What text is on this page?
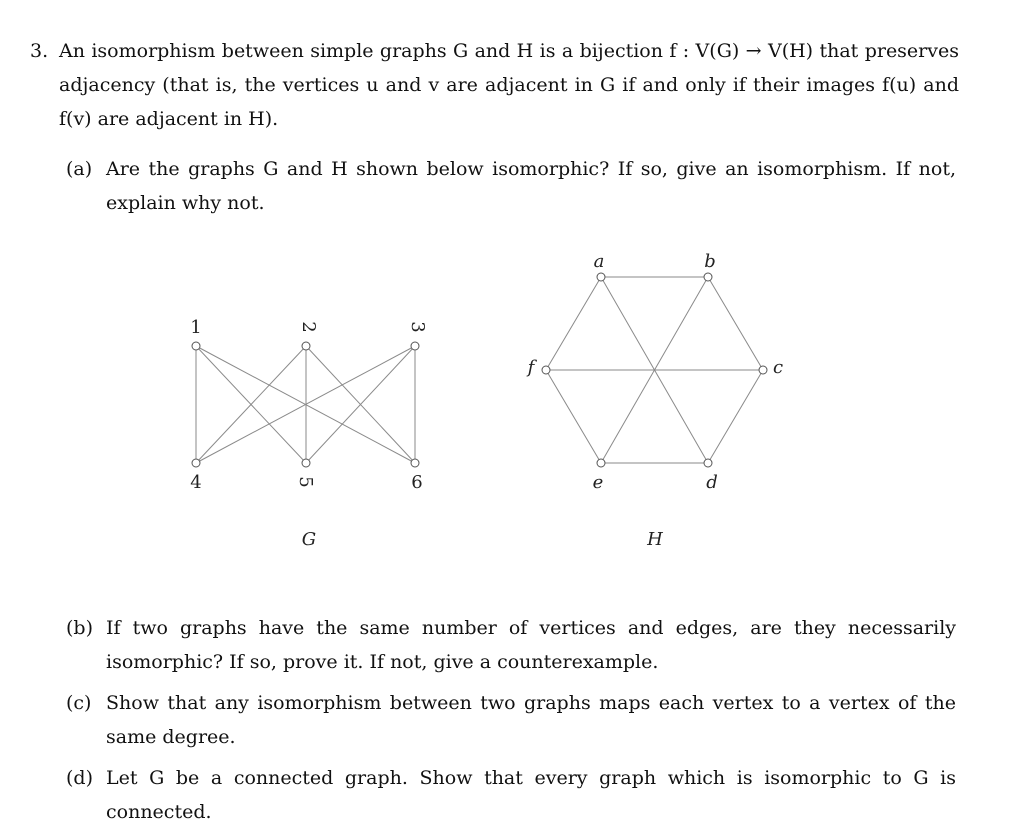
3. An isomorphism between simple graphs G and H is a bijection f : V(G) → V(H) that preserves adjacency (that is, the vertices u and v are adjacent in G if and only if their images f(u) and f(v) are adjacent in H).
(a) Are the graphs G and H shown below isomorphic? If so, give an isomorphism. If not, explain why not.
1	2	3
4	5	6
a	b
c
d
e
f
G	H
(b) If two graphs have the same number of vertices and edges, are they necessarily isomorphic? If so, prove it. If not, give a counterexample.
(c) Show that any isomorphism between two graphs maps each vertex to a vertex of the same degree.
(d) Let G be a connected graph. Show that every graph which is isomorphic to G is connected.
